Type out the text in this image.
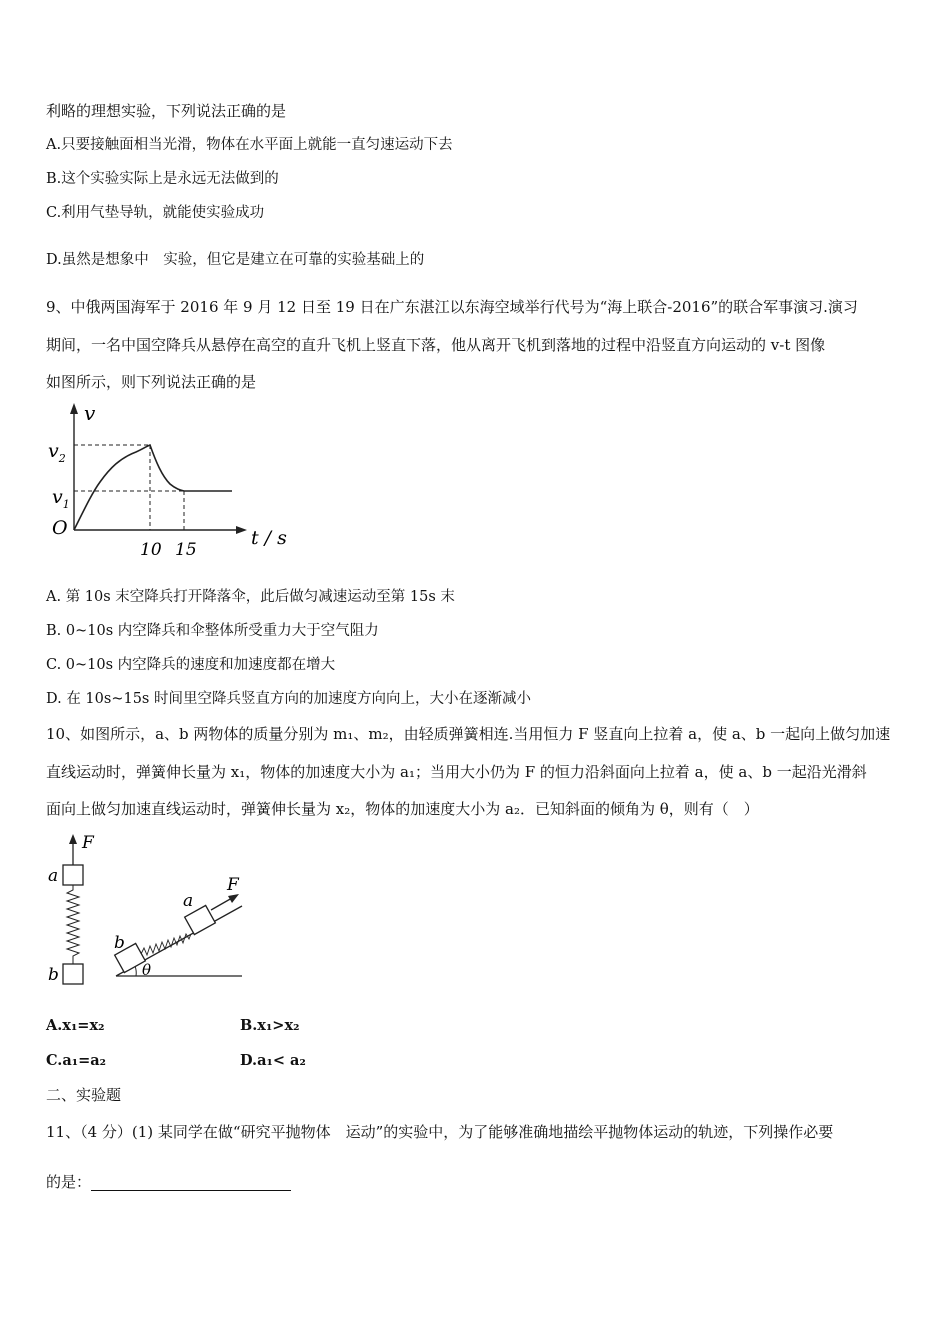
利略的理想实验，下列说法正确的是
A.只要接触面相当光滑，物体在水平面上就能一直匀速运动下去
B.这个实验实际上是永远无法做到的
C.利用气垫导轨，就能使实验成功
D.虽然是想象中　实验，但它是建立在可靠的实验基础上的
9、中俄两国海军于 2016 年 9 月 12 日至 19 日在广东湛江以东海空域举行代号为“海上联合-2016”的联合军事演习.演习
期间，一名中国空降兵从悬停在高空的直升飞机上竖直下落，他从离开飞机到落地的过程中沿竖直方向运动的 v-t 图像
如图所示，则下列说法正确的是
v
$v_2$
$v_1$
O
10 15
t / s
A. 第 10s 末空降兵打开降落伞，此后做匀减速运动至第 15s 末
B. 0~10s 内空降兵和伞整体所受重力大于空气阻力
C. 0~10s 内空降兵的速度和加速度都在增大
D. 在 10s~15s 时间里空降兵竖直方向的加速度方向向上，大小在逐渐减小
10、如图所示，a、b 两物体的质量分别为 m₁、m₂，由轻质弹簧相连.当用恒力 F 竖直向上拉着 a，使 a、b 一起向上做匀加速
直线运动时，弹簧伸长量为 x₁，物体的加速度大小为 a₁；当用大小仍为 F 的恒力沿斜面向上拉着 a，使 a、b 一起沿光滑斜
面向上做匀加速直线运动时，弹簧伸长量为 x₂，物体的加速度大小为 a₂．已知斜面的倾角为 θ，则有（　）
F
a
b	θ
b
a
F
A.x₁=x₂	B.x₁>x₂
C.a₁=a₂	D.a₁< a₂
二、实验题
11、（4 分）(1) 某同学在做“研究平抛物体　运动”的实验中，为了能够准确地描绘平抛物体运动的轨迹，下列操作必要
的是：
